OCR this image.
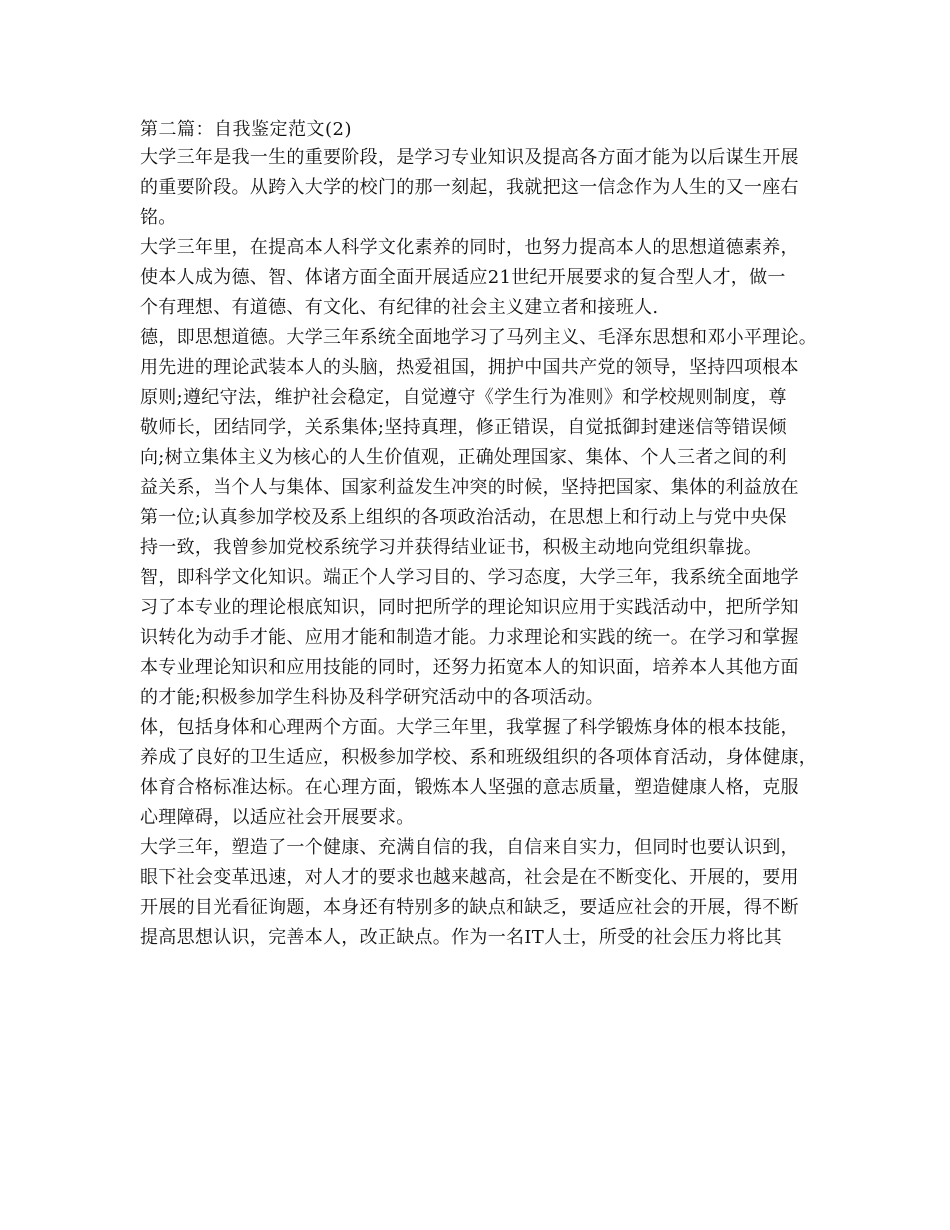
第二篇：自我鉴定范文(2)
大学三年是我一生的重要阶段，是学习专业知识及提高各方面才能为以后谋生开展
的重要阶段。从跨入大学的校门的那一刻起，我就把这一信念作为人生的又一座右
铭。
大学三年里，在提高本人科学文化素养的同时，也努力提高本人的思想道德素养，
使本人成为德、智、体诸方面全面开展适应21世纪开展要求的复合型人才，做一
个有理想、有道德、有文化、有纪律的社会主义建立者和接班人.
德，即思想道德。大学三年系统全面地学习了马列主义、毛泽东思想和邓小平理论。
用先进的理论武装本人的头脑，热爱祖国，拥护中国共产党的领导，坚持四项根本
原则;遵纪守法，维护社会稳定，自觉遵守《学生行为准则》和学校规则制度，尊
敬师长，团结同学，关系集体;坚持真理，修正错误，自觉抵御封建迷信等错误倾
向;树立集体主义为核心的人生价值观，正确处理国家、集体、个人三者之间的利
益关系，当个人与集体、国家利益发生冲突的时候，坚持把国家、集体的利益放在
第一位;认真参加学校及系上组织的各项政治活动，在思想上和行动上与党中央保
持一致，我曾参加党校系统学习并获得结业证书，积极主动地向党组织靠拢。
智，即科学文化知识。端正个人学习目的、学习态度，大学三年，我系统全面地学
习了本专业的理论根底知识，同时把所学的理论知识应用于实践活动中，把所学知
识转化为动手才能、应用才能和制造才能。力求理论和实践的统一。在学习和掌握
本专业理论知识和应用技能的同时，还努力拓宽本人的知识面，培养本人其他方面
的才能;积极参加学生科协及科学研究活动中的各项活动。
体，包括身体和心理两个方面。大学三年里，我掌握了科学锻炼身体的根本技能，
养成了良好的卫生适应，积极参加学校、系和班级组织的各项体育活动，身体健康，
体育合格标准达标。在心理方面，锻炼本人坚强的意志质量，塑造健康人格，克服
心理障碍，以适应社会开展要求。
大学三年，塑造了一个健康、充满自信的我，自信来自实力，但同时也要认识到，
眼下社会变革迅速，对人才的要求也越来越高，社会是在不断变化、开展的，要用
开展的目光看征询题，本身还有特别多的缺点和缺乏，要适应社会的开展，得不断
提高思想认识，完善本人，改正缺点。作为一名IT人士，所受的社会压力将比其
